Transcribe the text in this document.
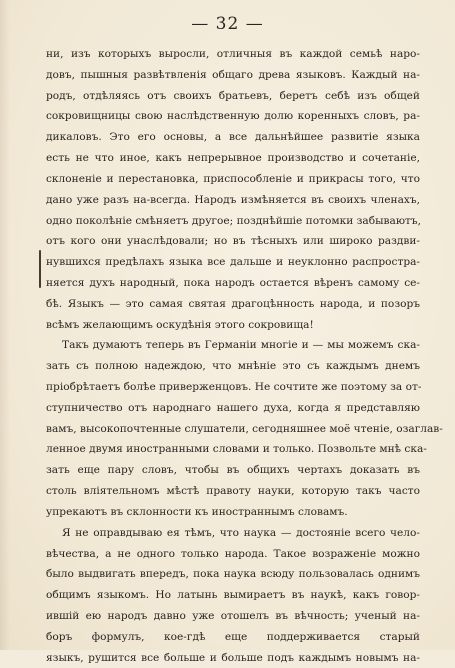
— 32 —
ни, изъ которыхъ выросли, отличныя въ каждой семьѣ наро-
довъ, пышныя развѣтвленія общаго древа языковъ. Каждый на-
родъ, отдѣляясь отъ своихъ братьевъ, беретъ себѣ изъ общей
сокровищницы свою наслѣдственную долю коренныхъ словъ, ра-
дикаловъ. Это его основы, а все дальнѣйшее развитіе языка
есть не что иное, какъ непрерывное производство и сочетаніе,
склоненіе и перестановка, приспособленіе и прикрасы того, что
дано уже разъ на-всегда. Народъ измѣняется въ своихъ членахъ,
одно поколѣніе смѣняетъ другое; позднѣйшіе потомки забываютъ,
отъ кого они унаслѣдовали; но въ тѣсныхъ или широко раздви-
нувшихся предѣлахъ языка все дальше и неуклонно распростра-
няется духъ народный, пока народъ остается вѣренъ самому се-
бѣ. Языкъ — это самая святая драгоцѣнность народа, и позоръ
всѣмъ желающимъ оскудѣнія этого сокровища!
Такъ думаютъ теперь въ Германіи многіе и — мы можемъ ска-
зать съ полною надеждою, что мнѣніе это съ каждымъ днемъ
пріобрѣтаетъ болѣе приверженцовъ. Не сочтите же поэтому за от-
ступничество отъ народнаго нашего духа, когда я представляю
вамъ, высокопочтенные слушатели, сегодняшнее моё чтеніе, озаглав-
ленное двумя иностранными словами и только. Позвольте мнѣ ска-
зать еще пару словъ, чтобы въ общихъ чертахъ доказать въ
столь вліятельномъ мѣстѣ правоту науки, которую такъ часто
упрекаютъ въ склонности къ иностраннымъ словамъ.
Я не оправдываю ея тѣмъ, что наука — достояніе всего чело-
вѣчества, а не одного только народа. Такое возраженіе можно
было выдвигать впередъ, пока наука всюду пользовалась однимъ
общимъ языкомъ. Но латынь вымираетъ въ наукѣ, какъ говор-
ившій ею народъ давно уже отошелъ въ вѣчность; ученый на-
боръ формулъ, кое-гдѣ еще поддерживается старый
языкъ, рушится все больше и больше подъ каждымъ новымъ на-
